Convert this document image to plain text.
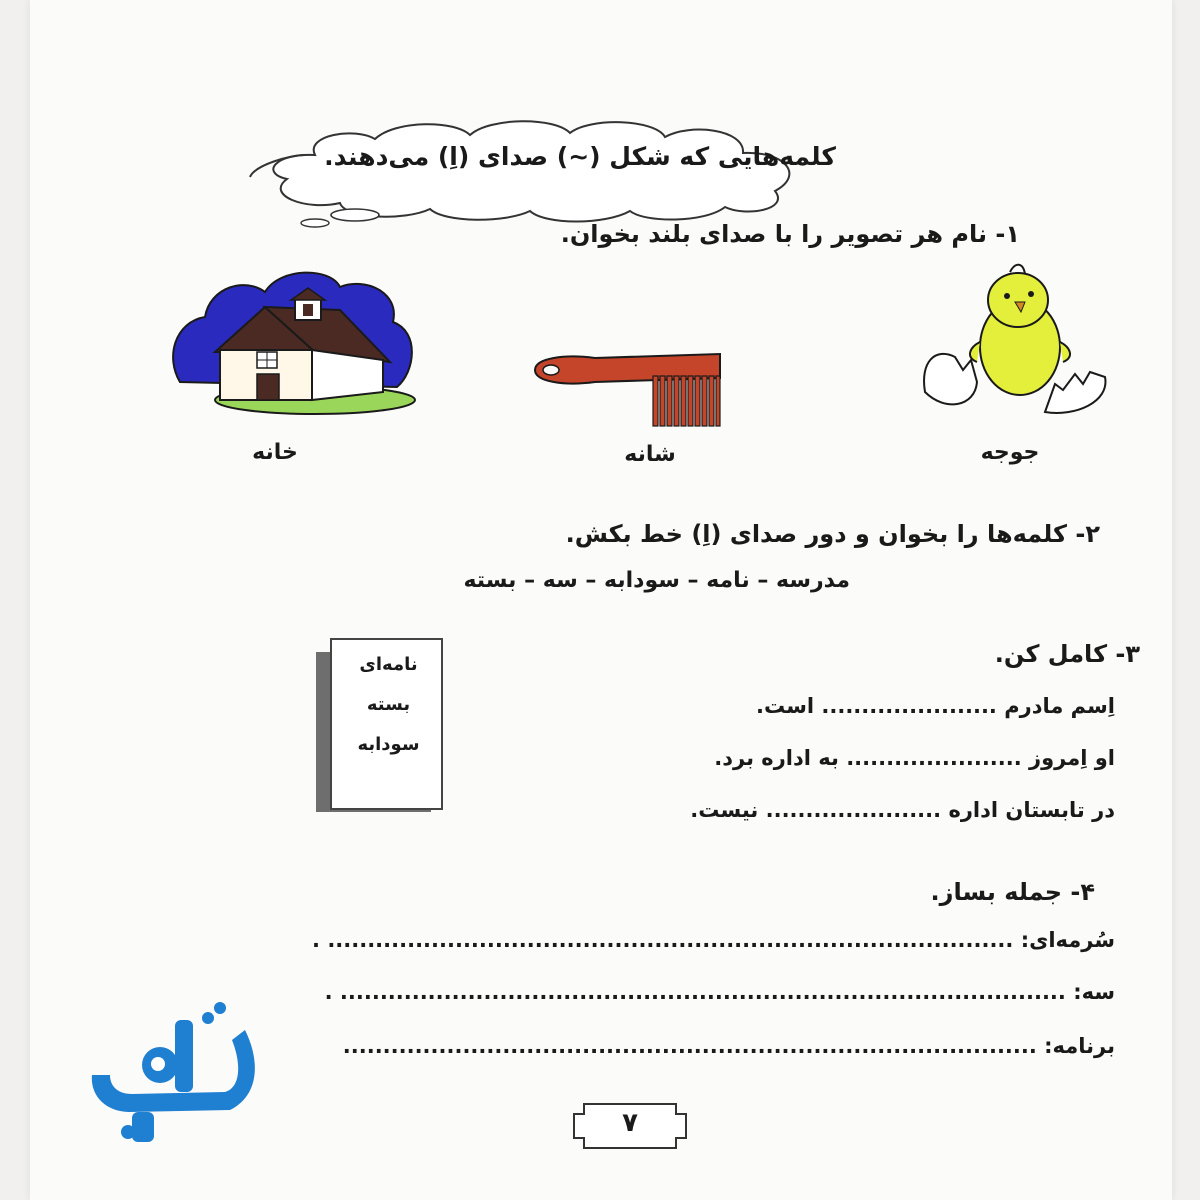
کلمه‌هایی که شکل (~) صدای (اِ) می‌دهند.
۱- نام هر تصویر را با صدای بلند بخوان.
خانه	شانه	جوجه
۲- کلمه‌ها را بخوان و دور صدای (اِ) خط بکش.
مدرسه – نامه – سودابه – سه – بسته
۳- کامل کن.
نامه‌ای
بسته
سودابه
اِسم مادرم ...................... است.
او اِمروز ...................... به اداره برد.
در تابستان اداره ...................... نیست.
۴- جمله بساز.
سُرمه‌ای: ...................................................................................... .
سه: ........................................................................................... .
برنامه: .......................................................................................
۷
